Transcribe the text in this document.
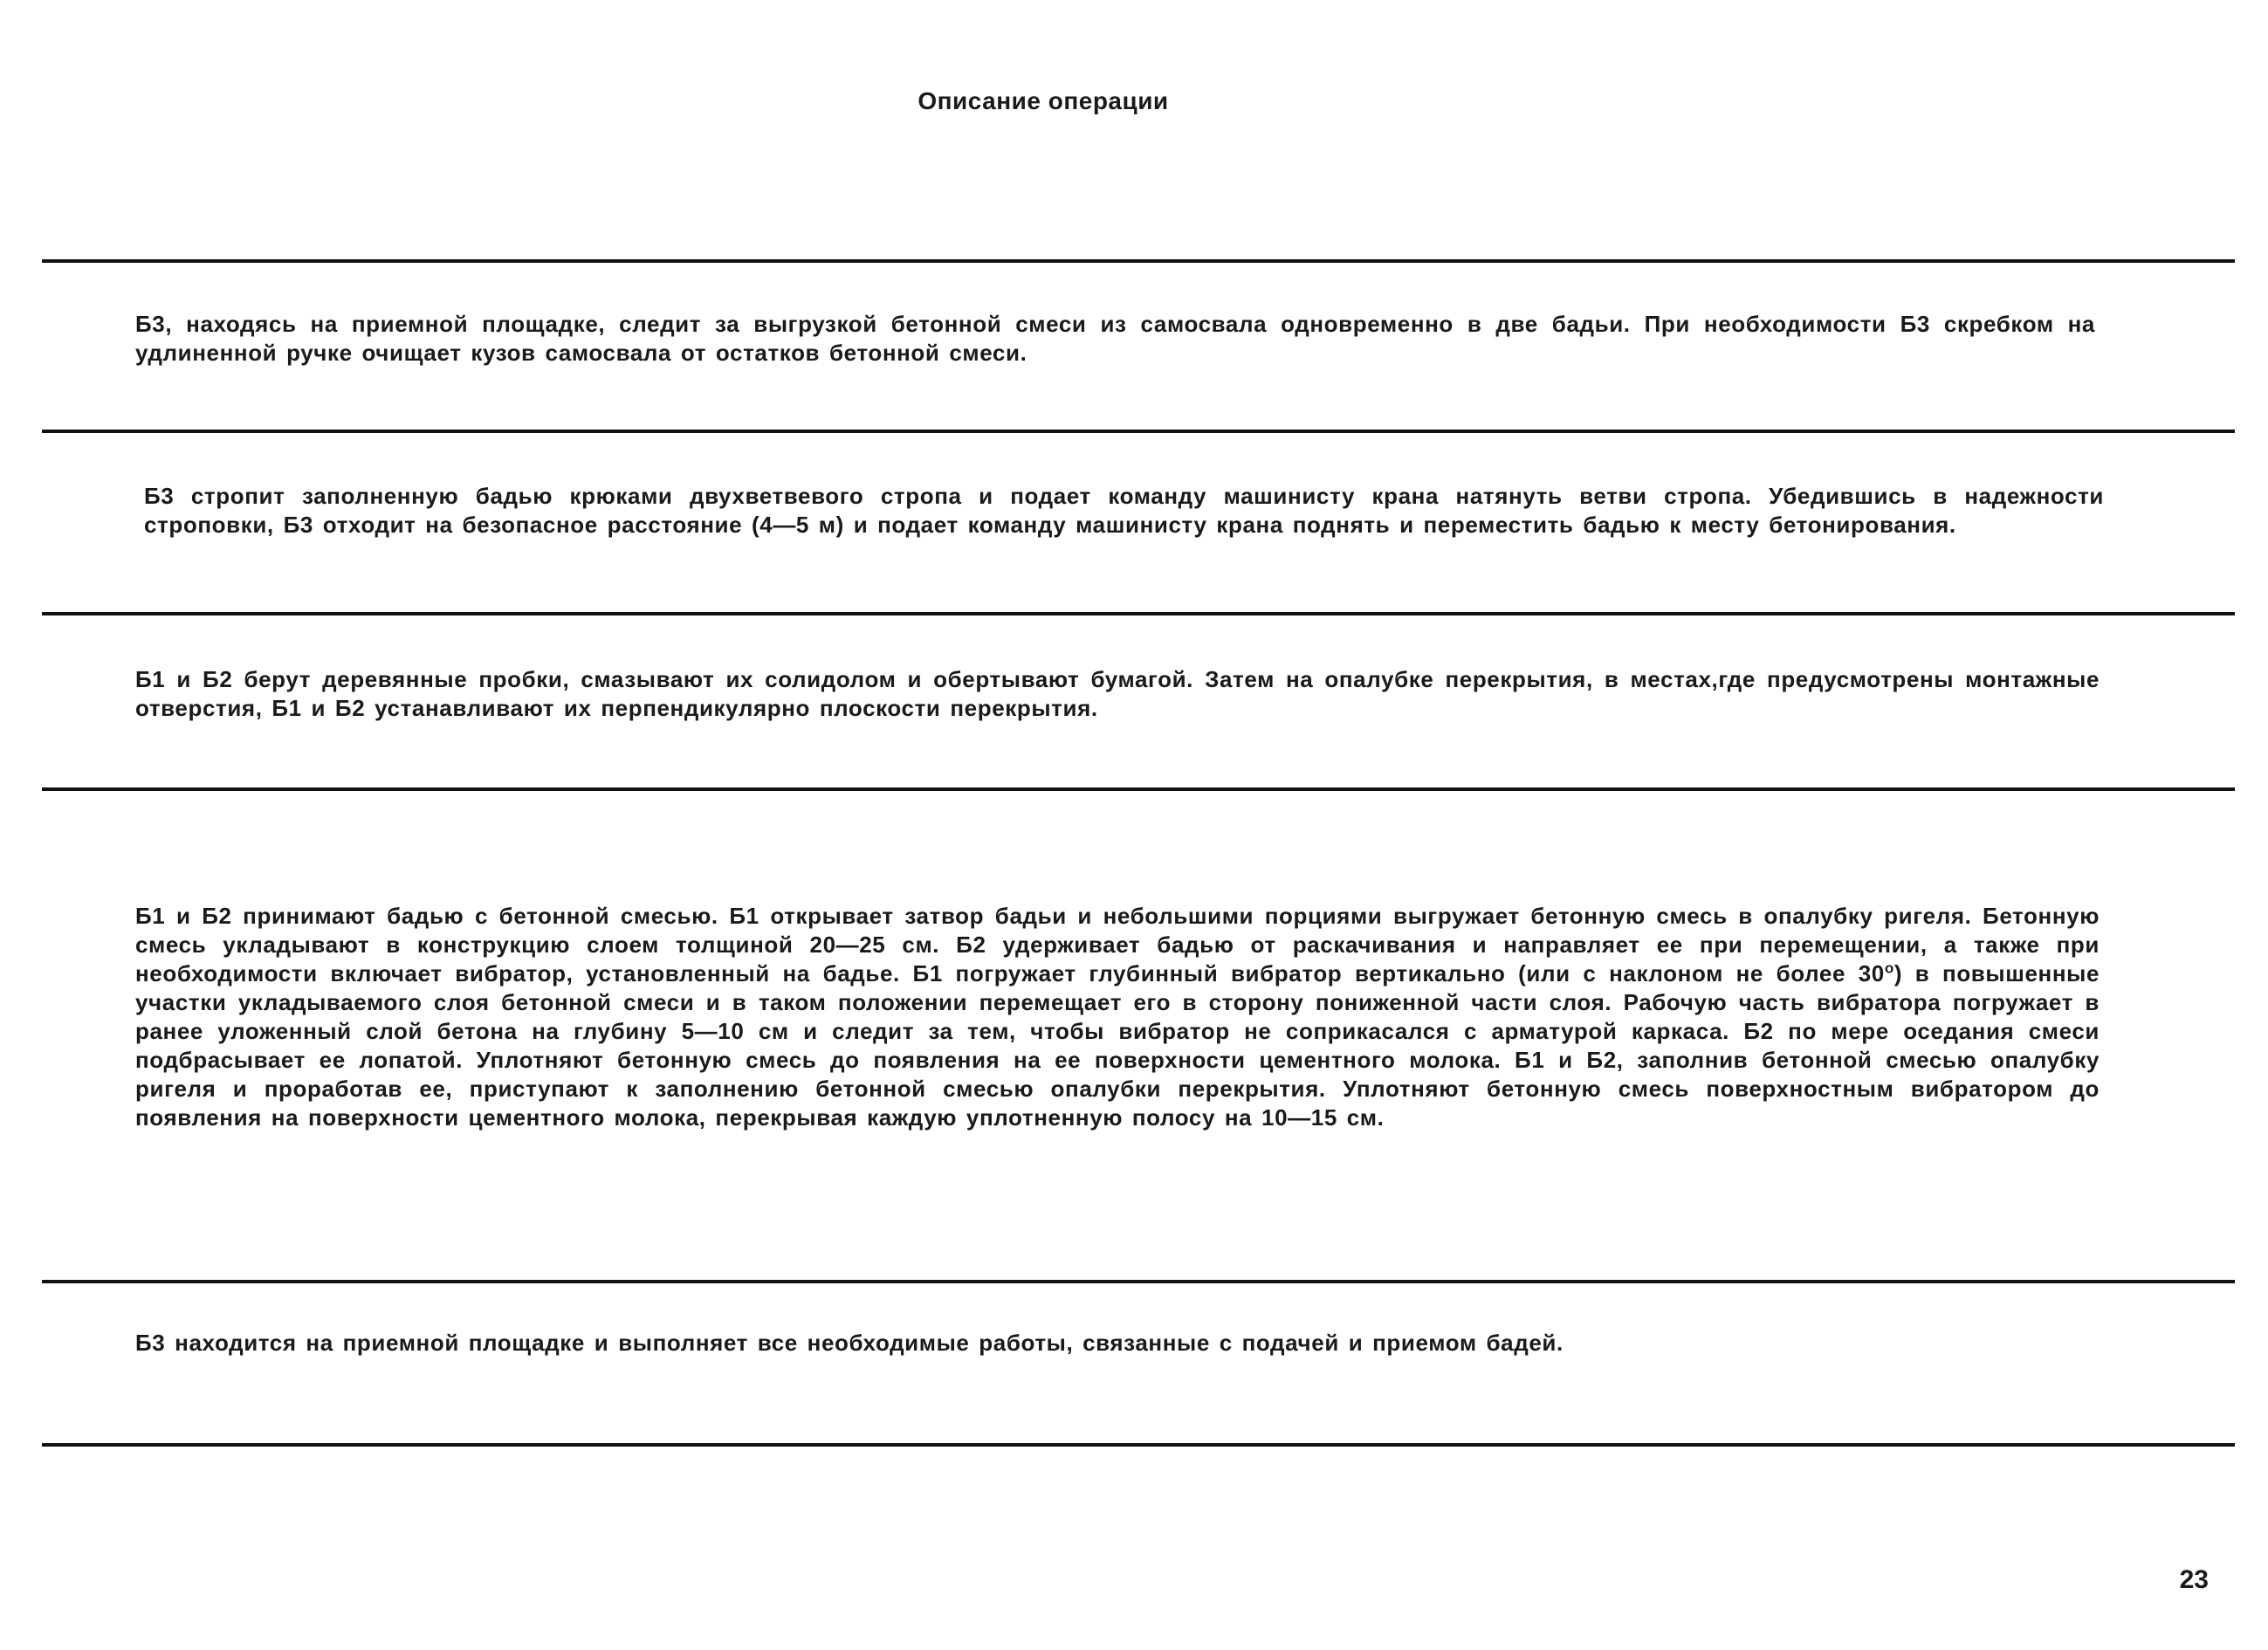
Описание операции
Б3, находясь на приемной площадке, следит за выгрузкой бетонной смеси из самосвала одновременно в две бадьи. При необходимости Б3 скребком на удлиненной ручке очищает кузов самосвала от остатков бетонной смеси.
Б3 стропит заполненную бадью крюками двухветвевого стропа и подает команду машинисту крана натянуть ветви стропа. Убедившись в надежности строповки, Б3 отходит на безопасное расстояние (4—5 м) и подает команду машинисту крана поднять и переместить бадью к месту бетонирования.
Б1 и Б2 берут деревянные пробки, смазывают их солидолом и обертывают бумагой. Затем на опалубке перекрытия, в местах,где предусмотрены монтажные отверстия, Б1 и Б2 устанавливают их перпендикулярно плоскости перекрытия.
Б1 и Б2 принимают бадью с бетонной смесью. Б1 открывает затвор бадьи и небольшими порциями выгружает бетонную смесь в опалубку ригеля. Бетонную смесь укладывают в конструкцию слоем толщиной 20—25 см. Б2 удерживает бадью от раскачивания и направляет ее при перемещении, а также при необходимости включает вибратор, установленный на бадье. Б1 погружает глубинный вибратор вертикально (или с наклоном не более $30^о$) в повышенные участки укладываемого слоя бетонной смеси и в таком положении перемещает его в сторону пониженной части слоя. Рабочую часть вибратора погружает в ранее уложенный слой бетона на глубину 5—10 см и следит за тем, чтобы вибратор не соприкасался с арматурой каркаса. Б2 по мере оседания смеси подбрасывает ее лопатой. Уплотняют бетонную смесь до появления на ее поверхности цементного молока. Б1 и Б2, заполнив бетонной смесью опалубку ригеля и проработав ее, приступают к заполнению бетонной смесью опалубки перекрытия. Уплотняют бетонную смесь поверхностным вибратором до появления на поверхности цементного молока, перекрывая каждую уплотненную полосу на 10—15 см.
Б3 находится на приемной площадке и выполняет все необходимые работы, связанные с подачей и приемом бадей.
23
